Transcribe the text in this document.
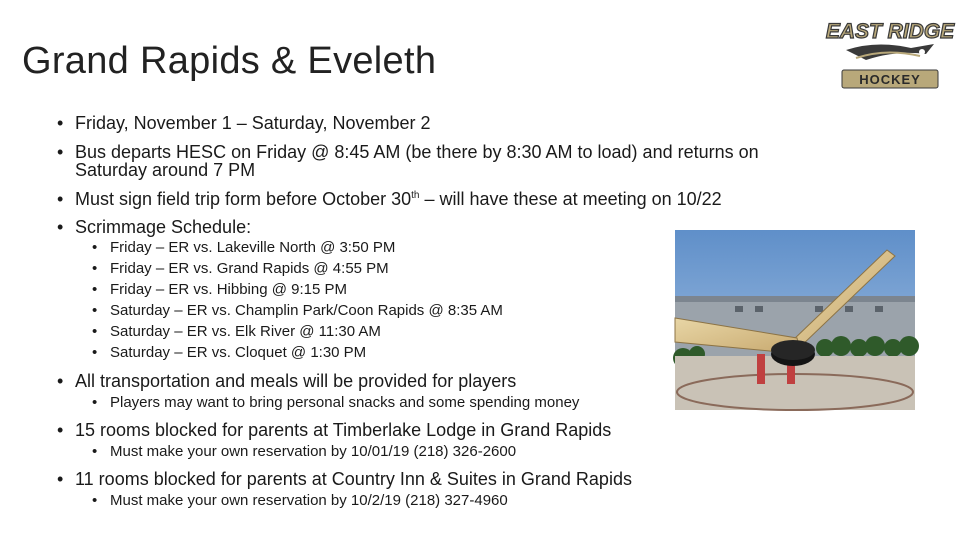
Grand Rapids & Eveleth
EAST RIDGE
HOCKEY
• Friday, November 1 – Saturday, November 2
• Bus departs HESC on Friday @ 8:45 AM (be there by 8:30 AM to load) and returns on
Saturday around 7 PM
• Must sign field trip form before October 30th – will have these at meeting on 10/22
• Scrimmage Schedule:
• Friday – ER vs. Lakeville North @ 3:50 PM
• Friday – ER vs. Grand Rapids @ 4:55 PM
• Friday – ER vs. Hibbing @ 9:15 PM
• Saturday – ER vs. Champlin Park/Coon Rapids @ 8:35 AM
• Saturday – ER vs. Elk River @ 11:30 AM
• Saturday – ER vs. Cloquet @ 1:30 PM
• All transportation and meals will be provided for players
• Players may want to bring personal snacks and some spending money
• 15 rooms blocked for parents at Timberlake Lodge in Grand Rapids
• Must make your own reservation by 10/01/19 (218) 326-2600
• 11 rooms blocked for parents at Country Inn & Suites in Grand Rapids
• Must make your own reservation by 10/2/19 (218) 327-4960
